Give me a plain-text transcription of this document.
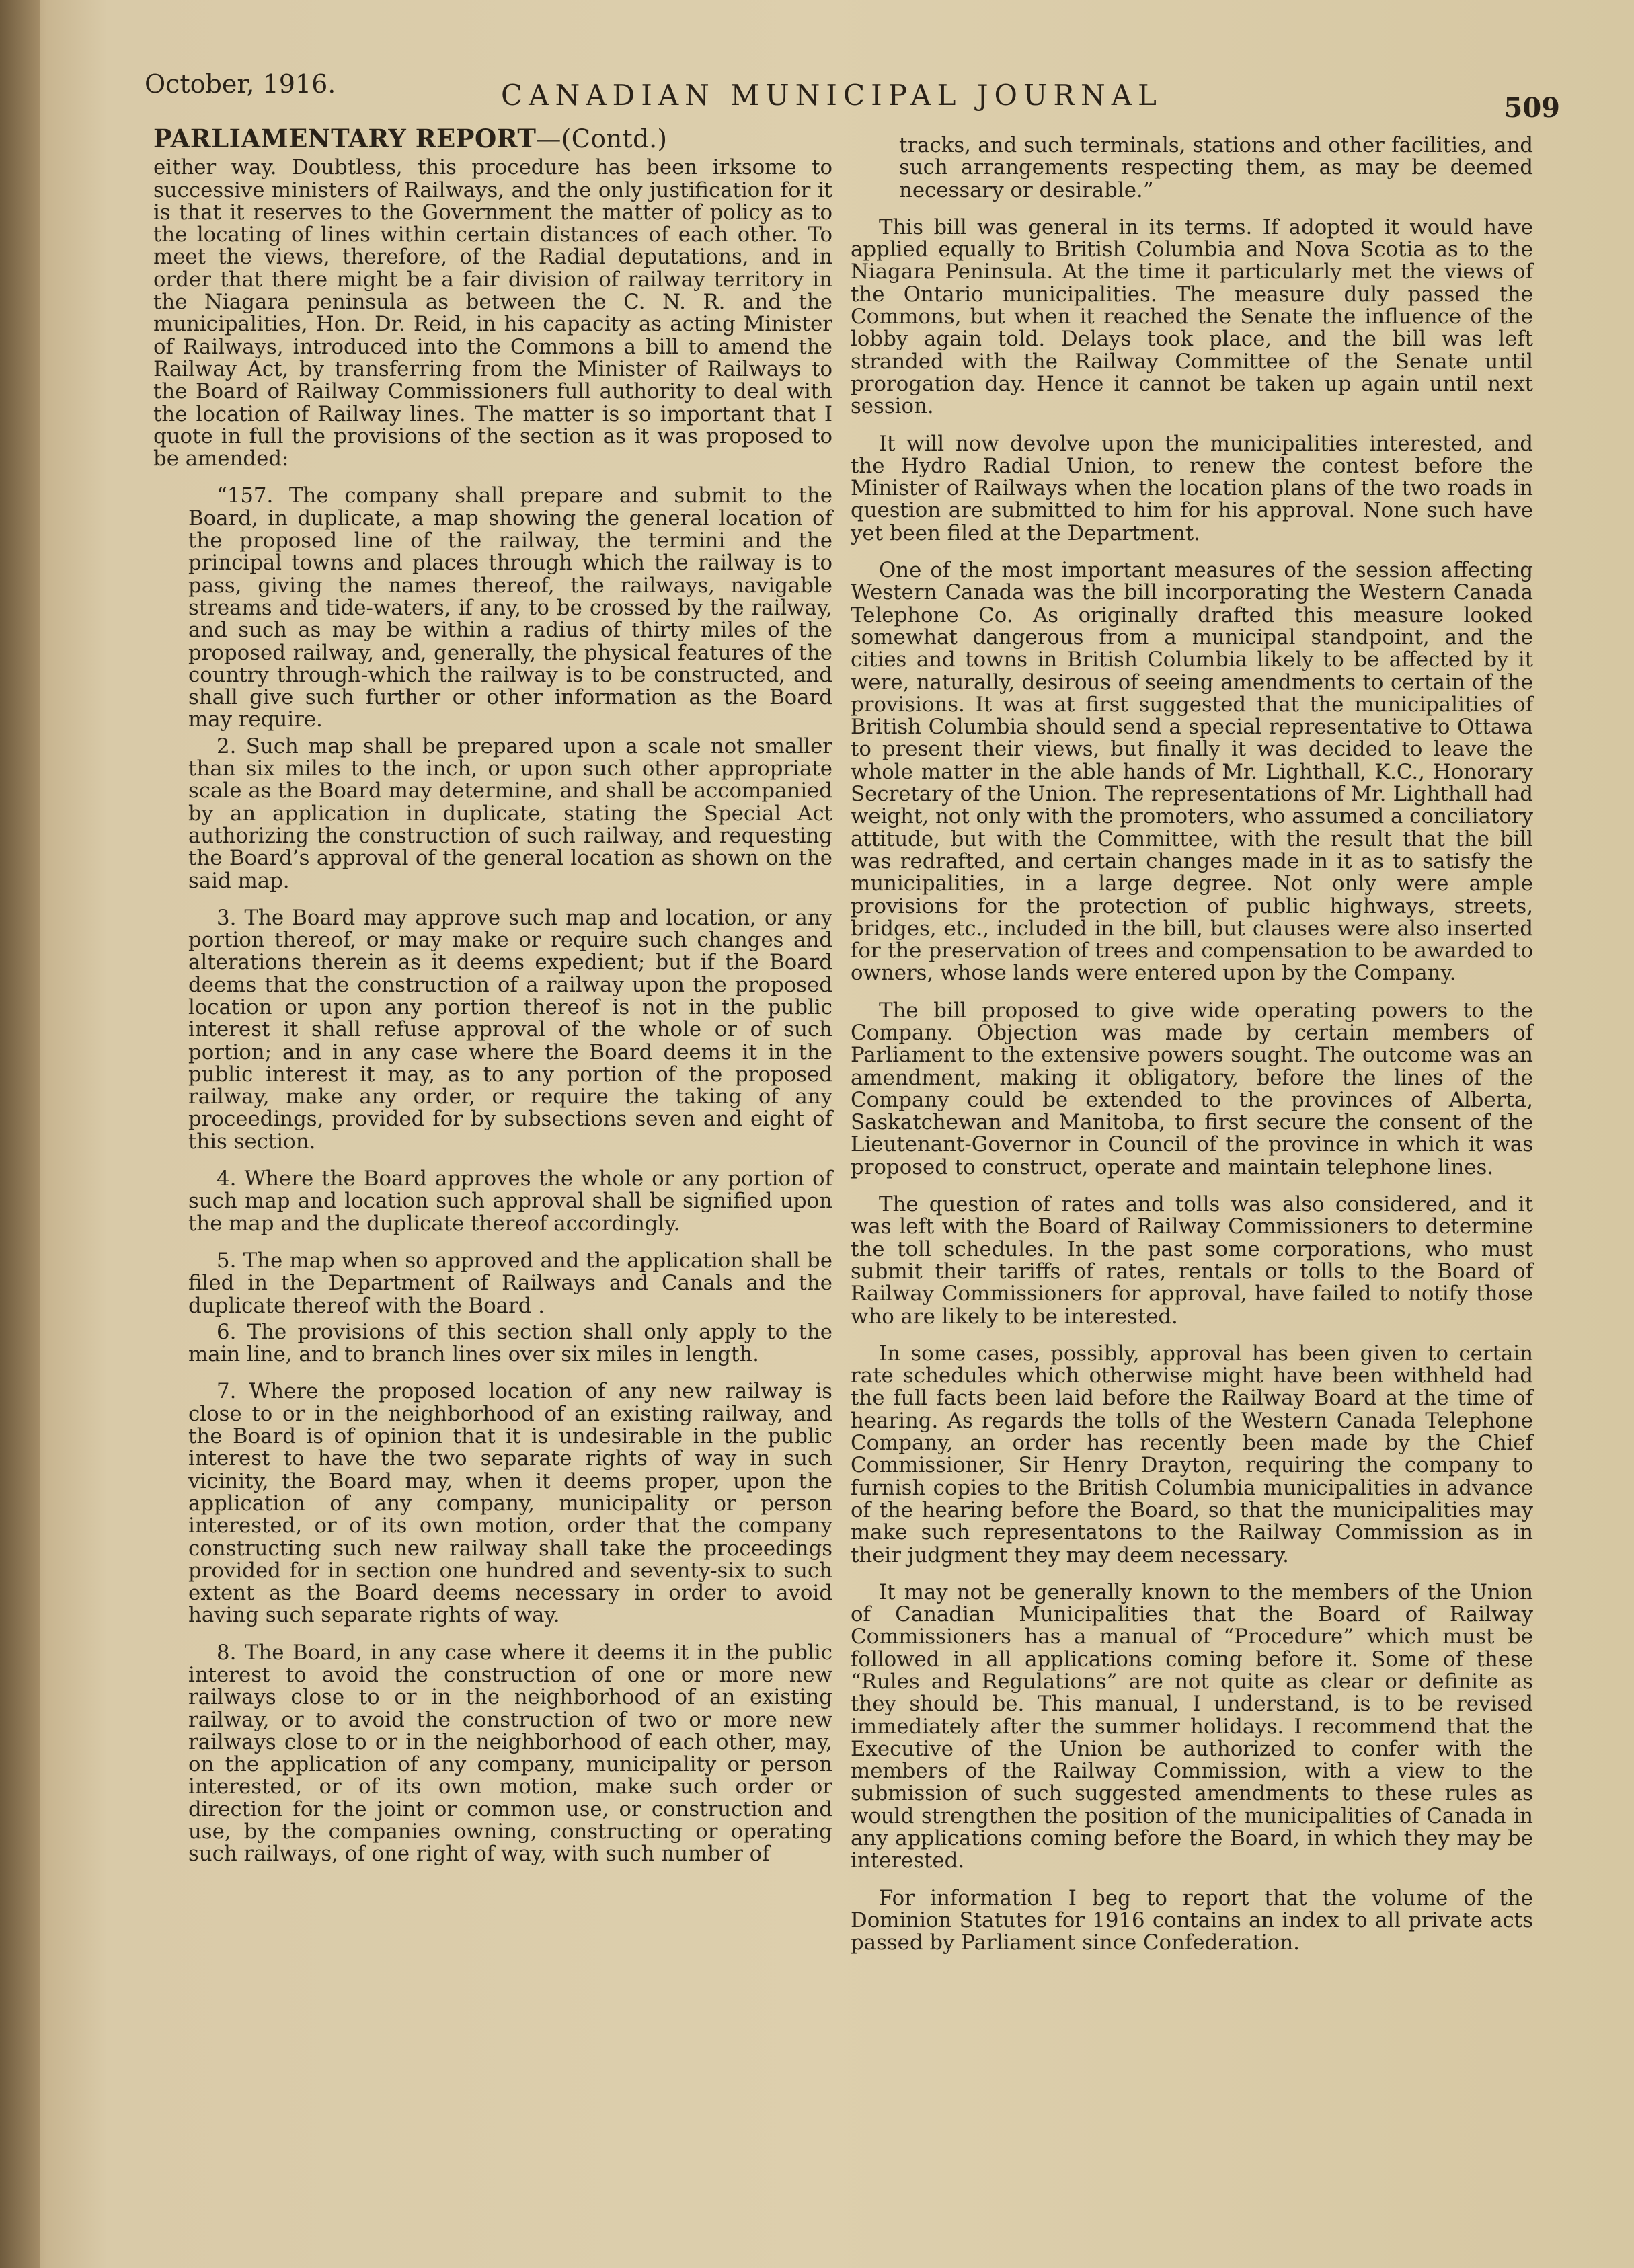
October, 1916.	CANADIAN MUNICIPAL JOURNAL	509
PARLIAMENTARY REPORT—(Contd.)

either way. Doubtless, this procedure has been irksome to successive ministers of Railways, and the only justification for it is that it reserves to the Government the matter of policy as to the locating of lines within certain distances of each other. To meet the views, therefore, of the Radial deputations, and in order that there might be a fair division of railway territory in the Niagara peninsula as between the C. N. R. and the municipalities, Hon. Dr. Reid, in his capacity as acting Minister of Railways, introduced into the Commons a bill to amend the Railway Act, by transferring from the Minister of Railways to the Board of Railway Commissioners full authority to deal with the location of Railway lines. The matter is so important that I quote in full the provisions of the section as it was proposed to be amended:

“157. The company shall prepare and submit to the Board, in duplicate, a map showing the general location of the proposed line of the railway, the termini and the principal towns and places through which the railway is to pass, giving the names thereof, the railways, navigable streams and tide-waters, if any, to be crossed by the railway, and such as may be within a radius of thirty miles of the proposed railway, and, generally, the physical features of the country through-which the railway is to be constructed, and shall give such further or other information as the Board may require.

2. Such map shall be prepared upon a scale not smaller than six miles to the inch, or upon such other appropriate scale as the Board may determine, and shall be accompanied by an application in duplicate, stating the Special Act authorizing the construction of such railway, and requesting the Board’s approval of the general location as shown on the said map.

3. The Board may approve such map and location, or any portion thereof, or may make or require such changes and alterations therein as it deems expedient; but if the Board deems that the construction of a railway upon the proposed location or upon any portion thereof is not in the public interest it shall refuse approval of the whole or of such portion; and in any case where the Board deems it in the public interest it may, as to any portion of the proposed railway, make any order, or require the taking of any proceedings, provided for by subsections seven and eight of this section.

4. Where the Board approves the whole or any portion of such map and location such approval shall be signified upon the map and the duplicate thereof accordingly.

5. The map when so approved and the application shall be filed in the Department of Railways and Canals and the duplicate thereof with the Board .

6. The provisions of this section shall only apply to the main line, and to branch lines over six miles in length.

7. Where the proposed location of any new railway is close to or in the neighborhood of an existing railway, and the Board is of opinion that it is undesirable in the public interest to have the two separate rights of way in such vicinity, the Board may, when it deems proper, upon the application of any company, municipality or person interested, or of its own motion, order that the company constructing such new railway shall take the proceedings provided for in section one hundred and seventy-six to such extent as the Board deems necessary in order to avoid having such separate rights of way.

8. The Board, in any case where it deems it in the public interest to avoid the construction of one or more new railways close to or in the neighborhood of an existing railway, or to avoid the construction of two or more new railways close to or in the neighborhood of each other, may, on the application of any company, municipality or person interested, or of its own motion, make such order or direction for the joint or common use, or construction and use, by the companies owning, constructing or operating such railways, of one right of way, with such number of

tracks, and such terminals, stations and other facilities, and such arrangements respecting them, as may be deemed necessary or desirable.”

This bill was general in its terms. If adopted it would have applied equally to British Columbia and Nova Scotia as to the Niagara Peninsula. At the time it particularly met the views of the Ontario municipalities. The measure duly passed the Commons, but when it reached the Senate the influence of the lobby again told. Delays took place, and the bill was left stranded with the Railway Committee of the Senate until prorogation day. Hence it cannot be taken up again until next session.

It will now devolve upon the municipalities interested, and the Hydro Radial Union, to renew the contest before the Minister of Railways when the location plans of the two roads in question are submitted to him for his approval. None such have yet been filed at the Department.

One of the most important measures of the session affecting Western Canada was the bill incorporating the Western Canada Telephone Co. As originally drafted this measure looked somewhat dangerous from a municipal standpoint, and the cities and towns in British Columbia likely to be affected by it were, naturally, desirous of seeing amendments to certain of the provisions. It was at first suggested that the municipalities of British Columbia should send a special representative to Ottawa to present their views, but finally it was decided to leave the whole matter in the able hands of Mr. Lighthall, K.C., Honorary Secretary of the Union. The representations of Mr. Lighthall had weight, not only with the promoters, who assumed a conciliatory attitude, but with the Committee, with the result that the bill was redrafted, and certain changes made in it as to satisfy the municipalities, in a large degree. Not only were ample provisions for the protection of public highways, streets, bridges, etc., included in the bill, but clauses were also inserted for the preservation of trees and compensation to be awarded to owners, whose lands were entered upon by the Company.

The bill proposed to give wide operating powers to the Company. Objection was made by certain members of Parliament to the extensive powers sought. The outcome was an amendment, making it obligatory, before the lines of the Company could be extended to the provinces of Alberta, Saskatchewan and Manitoba, to first secure the consent of the Lieutenant-Governor in Council of the province in which it was proposed to construct, operate and maintain telephone lines.

The question of rates and tolls was also considered, and it was left with the Board of Railway Commissioners to determine the toll schedules. In the past some corporations, who must submit their tariffs of rates, rentals or tolls to the Board of Railway Commissioners for approval, have failed to notify those who are likely to be interested.

In some cases, possibly, approval has been given to certain rate schedules which otherwise might have been withheld had the full facts been laid before the Railway Board at the time of hearing. As regards the tolls of the Western Canada Telephone Company, an order has recently been made by the Chief Commissioner, Sir Henry Drayton, requiring the company to furnish copies to the British Columbia municipalities in advance of the hearing before the Board, so that the municipalities may make such representatons to the Railway Commission as in their judgment they may deem necessary.

It may not be generally known to the members of the Union of Canadian Municipalities that the Board of Railway Commissioners has a manual of “Procedure” which must be followed in all applications coming before it. Some of these “Rules and Regulations” are not quite as clear or definite as they should be. This manual, I understand, is to be revised immediately after the summer holidays. I recommend that the Executive of the Union be authorized to confer with the members of the Railway Commission, with a view to the submission of such suggested amendments to these rules as would strengthen the position of the municipalities of Canada in any applications coming before the Board, in which they may be interested.

For information I beg to report that the volume of the Dominion Statutes for 1916 contains an index to all private acts passed by Parliament since Confederation.
